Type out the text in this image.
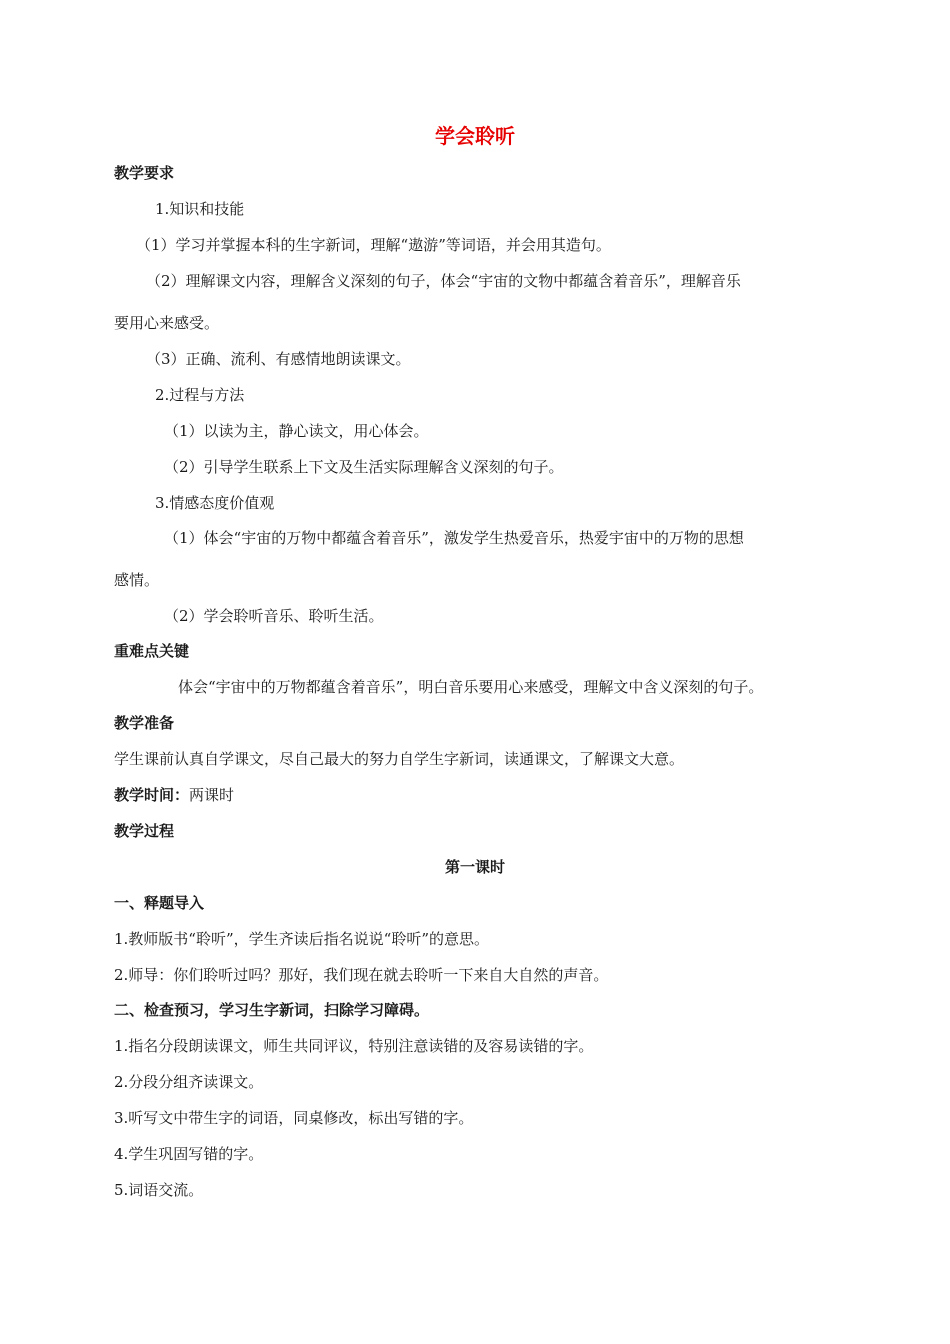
学会聆听
教学要求
1.知识和技能
（1）学习并掌握本科的生字新词，理解“遨游”等词语，并会用其造句。
（2）理解课文内容，理解含义深刻的句子，体会“宇宙的文物中都蕴含着音乐”，理解音乐
要用心来感受。
（3）正确、流利、有感情地朗读课文。
2.过程与方法
（1）以读为主，静心读文，用心体会。
（2）引导学生联系上下文及生活实际理解含义深刻的句子。
3.情感态度价值观
（1）体会“宇宙的万物中都蕴含着音乐”，激发学生热爱音乐，热爱宇宙中的万物的思想
感情。
（2）学会聆听音乐、聆听生活。
重难点关键
体会“宇宙中的万物都蕴含着音乐”，明白音乐要用心来感受，理解文中含义深刻的句子。
教学准备
学生课前认真自学课文，尽自己最大的努力自学生字新词，读通课文，了解课文大意。
教学时间：两课时
教学过程
第一课时
一、释题导入
1.教师版书“聆听”，学生齐读后指名说说“聆听”的意思。
2.师导：你们聆听过吗？那好，我们现在就去聆听一下来自大自然的声音。
二、检查预习，学习生字新词，扫除学习障碍。
1.指名分段朗读课文，师生共同评议，特别注意读错的及容易读错的字。
2.分段分组齐读课文。
3.听写文中带生字的词语，同桌修改，标出写错的字。
4.学生巩固写错的字。
5.词语交流。
